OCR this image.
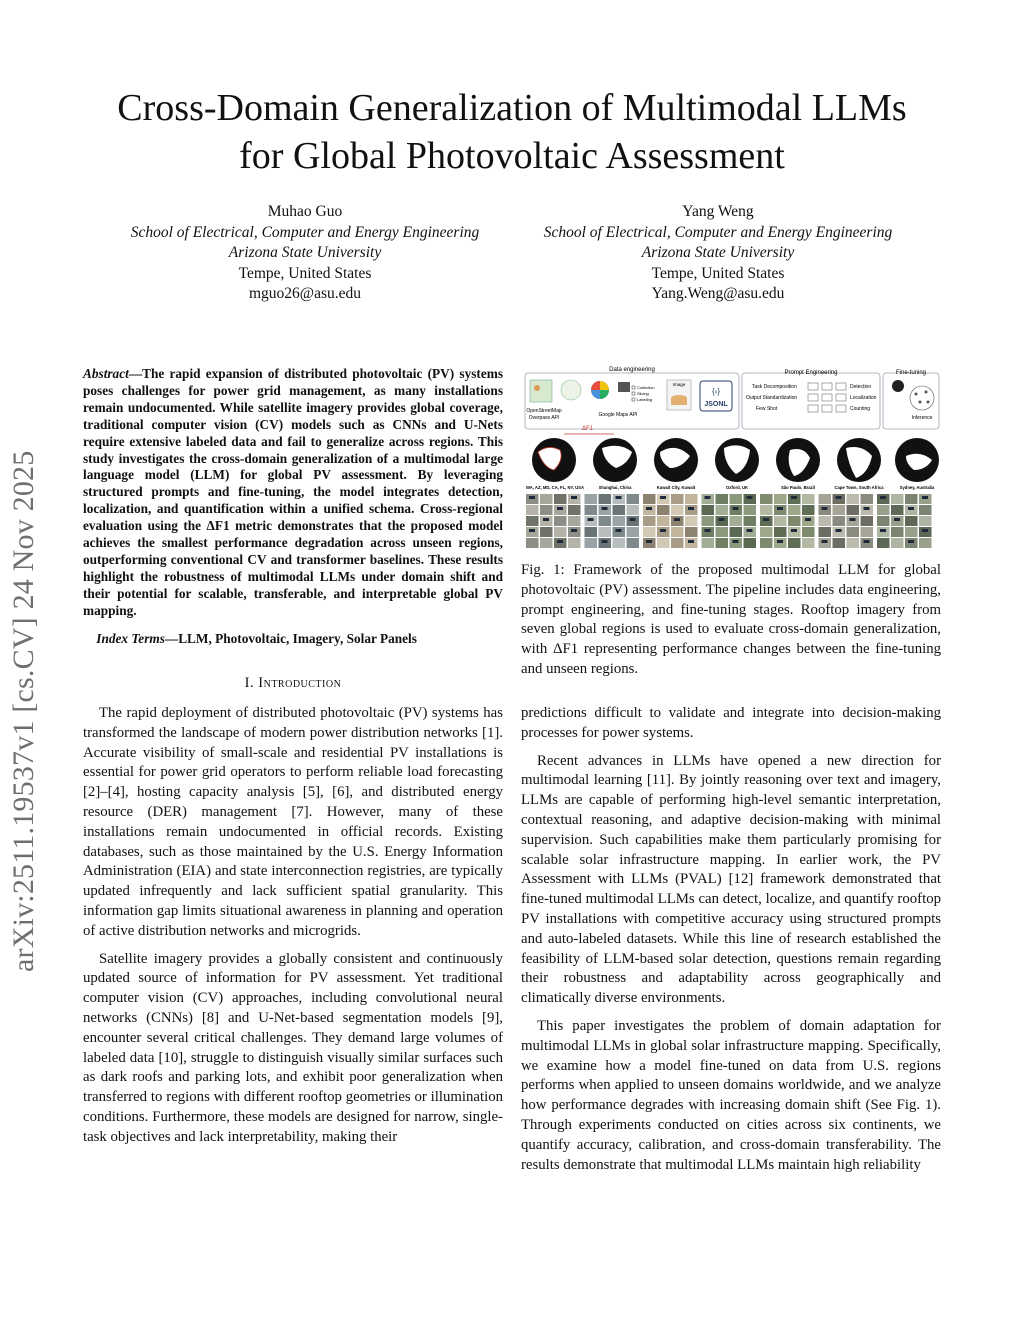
Cross-Domain Generalization of Multimodal LLMs
for Global Photovoltaic Assessment
Muhao Guo
School of Electrical, Computer and Energy Engineering
Arizona State University
Tempe, United States
mguo26@asu.edu
Yang Weng
School of Electrical, Computer and Energy Engineering
Arizona State University
Tempe, United States
Yang.Weng@asu.edu
arXiv:2511.19537v1 [cs.CV] 24 Nov 2025
Abstract—The rapid expansion of distributed photovoltaic (PV) systems poses challenges for power grid management, as many installations remain undocumented. While satellite imagery provides global coverage, traditional computer vision (CV) models such as CNNs and U-Nets require extensive labeled data and fail to generalize across regions. This study investigates the cross-domain generalization of a multimodal large language model (LLM) for global PV assessment. By leveraging structured prompts and fine-tuning, the model integrates detection, localization, and quantification within a unified schema. Cross-regional evaluation using the ΔF1 metric demonstrates that the proposed model achieves the smallest performance degradation across unseen regions, outperforming conventional CV and transformer baselines. These results highlight the robustness of multimodal LLMs under domain shift and their potential for scalable, transferable, and interpretable global PV mapping.
Index Terms—LLM, Photovoltaic, Imagery, Solar Panels
I. Introduction

The rapid deployment of distributed photovoltaic (PV) systems has transformed the landscape of modern power distribution networks [1]. Accurate visibility of small-scale and residential PV installations is essential for power grid operators to perform reliable load forecasting [2]–[4], hosting capacity analysis [5], [6], and distributed energy resource (DER) management [7]. However, many of these installations remain undocumented in official records. Existing databases, such as those maintained by the U.S. Energy Information Administration (EIA) and state interconnection registries, are typically updated infrequently and lack sufficient spatial granularity. This information gap limits situational awareness in planning and operation of active distribution networks and microgrids.

Satellite imagery provides a globally consistent and continuously updated source of information for PV assessment. Yet traditional computer vision (CV) approaches, including convolutional neural networks (CNNs) [8] and U-Net-based segmentation models [9], encounter several critical challenges. They demand large volumes of labeled data [10], struggle to distinguish visually similar surfaces such as dark roofs and parking lots, and exhibit poor generalization when transferred to regions with different rooftop geometries or illumination conditions. Furthermore, these models are designed for narrow, single-task objectives and lack interpretability, making their

predictions difficult to validate and integrate into decision-making processes for power systems.

Recent advances in LLMs have opened a new direction for multimodal learning [11]. By jointly reasoning over text and imagery, LLMs are capable of performing high-level semantic interpretation, contextual reasoning, and adaptive decision-making with minimal supervision. Such capabilities make them particularly promising for scalable solar infrastructure mapping. In earlier work, the PV Assessment with LLMs (PVAL) [12] framework demonstrated that fine-tuned multimodal LLMs can detect, localize, and quantify rooftop PV installations with competitive accuracy using structured prompts and auto-labeled datasets. While this line of research established the feasibility of LLM-based solar detection, questions remain regarding their robustness and adaptability across geographically and climatically diverse environments.

This paper investigates the problem of domain adaptation for multimodal LLMs in global solar infrastructure mapping. Specifically, we examine how a model fine-tuned on data from U.S. regions performs when applied to unseen domains worldwide, and we analyze how performance degrades with increasing domain shift (See Fig. 1). Through experiments conducted on cities across six continents, we quantify accuracy, calibration, and cross-domain transferability. The results demonstrate that multimodal LLMs maintain high reliability

Data engineering	Prompt Engineering	Fine-tuning
Collection
Slicing
Labeling
Image
{‹}
JSONL
OpenStreetMap
Overpass API	Google Maps API
ΔF1
Task Decomposition
Output Standardization
Few Shot
Detection
Localization
Counting
Inference
WA, AZ, MD, CA, FL, NY, USA	Shanghai, China	Kuwait City, Kuwait	Oxford, UK	São Paulo, Brazil	Cape Town, South Africa	Sydney, Australia
Fig. 1: Framework of the proposed multimodal LLM for global photovoltaic (PV) assessment. The pipeline includes data engineering, prompt engineering, and fine-tuning stages. Rooftop imagery from seven global regions is used to evaluate cross-domain generalization, with ΔF1 representing performance changes between the fine-tuning and unseen regions.
